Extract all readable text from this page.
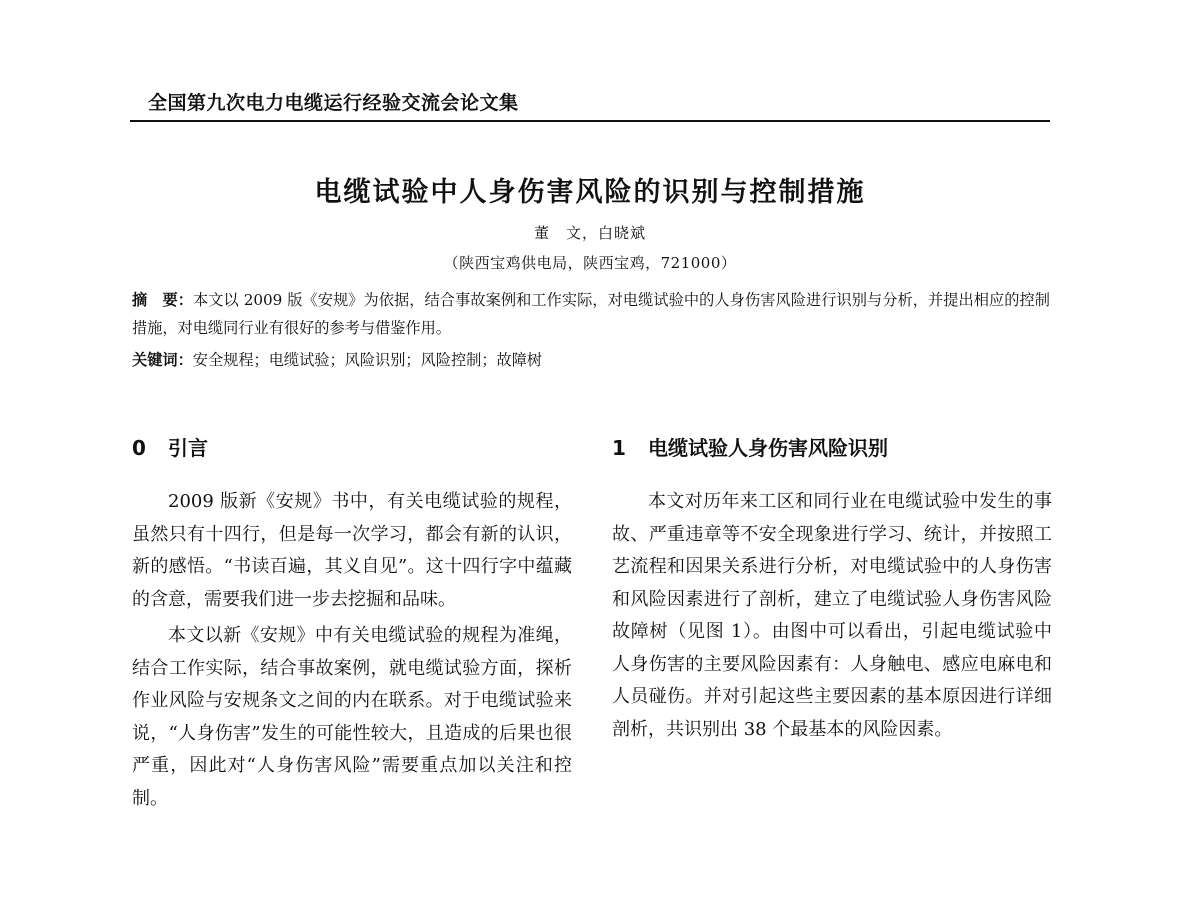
全国第九次电力电缆运行经验交流会论文集
电缆试验中人身伤害风险的识别与控制措施
董　文，白晓斌
（陕西宝鸡供电局，陕西宝鸡，721000）
摘　要：本文以 2009 版《安规》为依据，结合事故案例和工作实际，对电缆试验中的人身伤害风险进行识别与分析，并提出相应的控制措施，对电缆同行业有很好的参考与借鉴作用。
关键词：安全规程；电缆试验；风险识别；风险控制；故障树
0 引言

2009 版新《安规》书中，有关电缆试验的规程，虽然只有十四行，但是每一次学习，都会有新的认识，新的感悟。“书读百遍，其义自见”。这十四行字中蕴藏的含意，需要我们进一步去挖掘和品味。

本文以新《安规》中有关电缆试验的规程为准绳，结合工作实际，结合事故案例，就电缆试验方面，探析作业风险与安规条文之间的内在联系。对于电缆试验来说，“人身伤害”发生的可能性较大，且造成的后果也很严重，因此对“人身伤害风险”需要重点加以关注和控制。

1 电缆试验人身伤害风险识别

本文对历年来工区和同行业在电缆试验中发生的事故、严重违章等不安全现象进行学习、统计，并按照工艺流程和因果关系进行分析，对电缆试验中的人身伤害和风险因素进行了剖析，建立了电缆试验人身伤害风险故障树（见图 1）。由图中可以看出，引起电缆试验中人身伤害的主要风险因素有：人身触电、感应电麻电和人员碰伤。并对引起这些主要因素的基本原因进行详细剖析，共识别出 38 个最基本的风险因素。
